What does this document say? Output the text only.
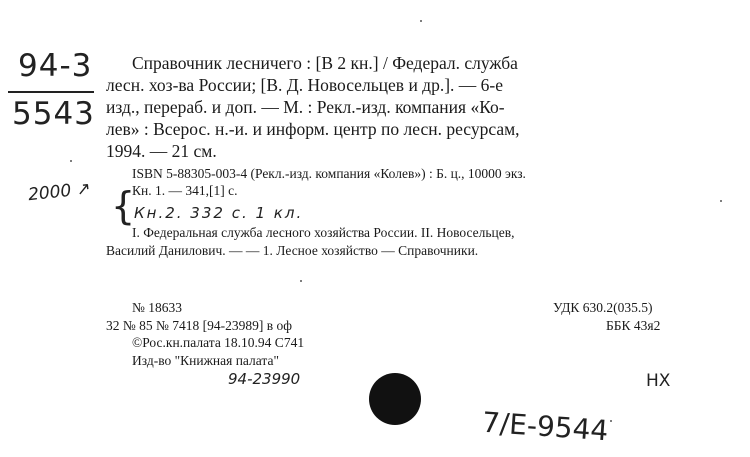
94-3
5543
2000 ↗ {
Кн.2. 332 с. 1 кл.
Справочник лесничего : [В 2 кн.] / Федерал. служба
лесн. хоз-ва России; [В. Д. Новосельцев и др.]. — 6-е
изд., перераб. и доп. — М. : Рекл.-изд. компания «Ко-
лев» : Всерос. н.-и. и информ. центр по лесн. ресурсам,
1994. — 21 см.
ISBN 5-88305-003-4 (Рекл.-изд. компания «Колев») : Б. ц., 10000 экз.
Кн. 1. — 341,[1] с.
I. Федеральная служба лесного хозяйства России. II. Новосельцев,
Василий Данилович. — — 1. Лесное хозяйство — Справочники.
№ 18633
32 № 85 № 7418 [94-23989] в оф
©Рос.кн.палата 18.10.94 С741
Изд-во "Книжная палата"
УДК 630.2(035.5)
ББК 43я2
94-23990	HX
7/Е-9544
